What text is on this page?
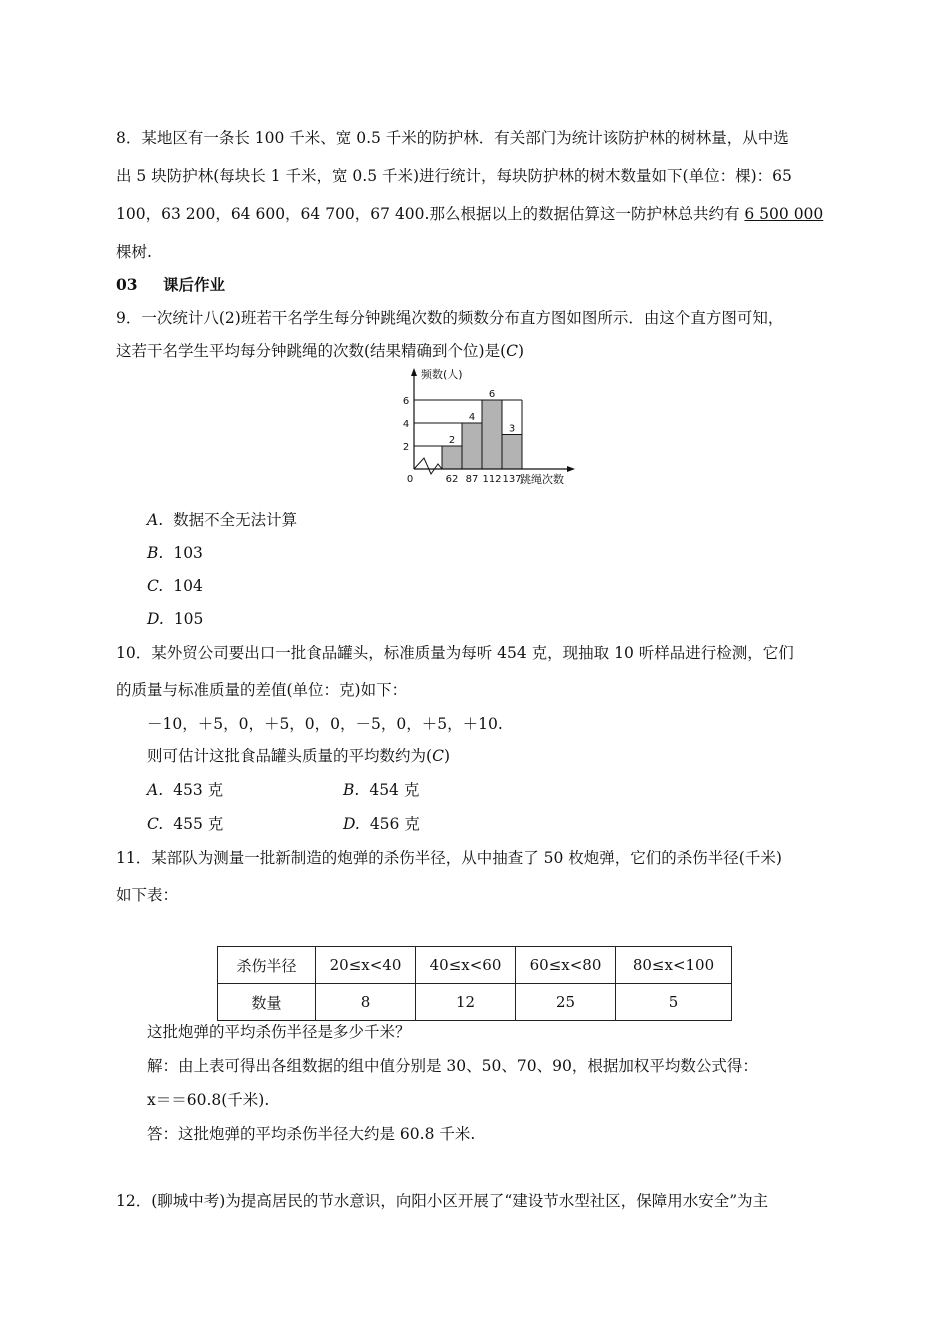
8．某地区有一条长 100 千米、宽 0.5 千米的防护林．有关部门为统计该防护林的树林量，从中选
出 5 块防护林(每块长 1 千米，宽 0.5 千米)进行统计，每块防护林的树木数量如下(单位：棵)：65
100，63 200，64 600，64 700，67 400.那么根据以上的数据估算这一防护林总共约有 6 500 000
棵树.
03 课后作业
9．一次统计八(2)班若干名学生每分钟跳绳次数的频数分布直方图如图所示．由这个直方图可知，
这若干名学生平均每分钟跳绳的次数(结果精确到个位)是(C)
频数(人)
跳绳次数
0
2
4
6
62 87 112 137
2
4
6
3
A. 数据不全无法计算
B. 103
C. 104
D. 105
10．某外贸公司要出口一批食品罐头，标准质量为每听 454 克，现抽取 10 听样品进行检测，它们
的质量与标准质量的差值(单位：克)如下：
－10，＋5，0，＋5，0，0，－5，0，＋5，＋10.
则可估计这批食品罐头质量的平均数约为(C)
A. 453 克	B. 454 克
C. 455 克	D. 456 克
11．某部队为测量一批新制造的炮弹的杀伤半径，从中抽查了 50 枚炮弹，它们的杀伤半径(千米)
如下表：
杀伤半径	20≤x<40	40≤x<60	60≤x<80	80≤x<100
数量	8	12	25	5
这批炮弹的平均杀伤半径是多少千米？
解：由上表可得出各组数据的组中值分别是 30、50、70、90，根据加权平均数公式得：
x＝＝60.8(千米).
答：这批炮弹的平均杀伤半径大约是 60.8 千米.
12．(聊城中考)为提高居民的节水意识，向阳小区开展了“建设节水型社区，保障用水安全”为主
